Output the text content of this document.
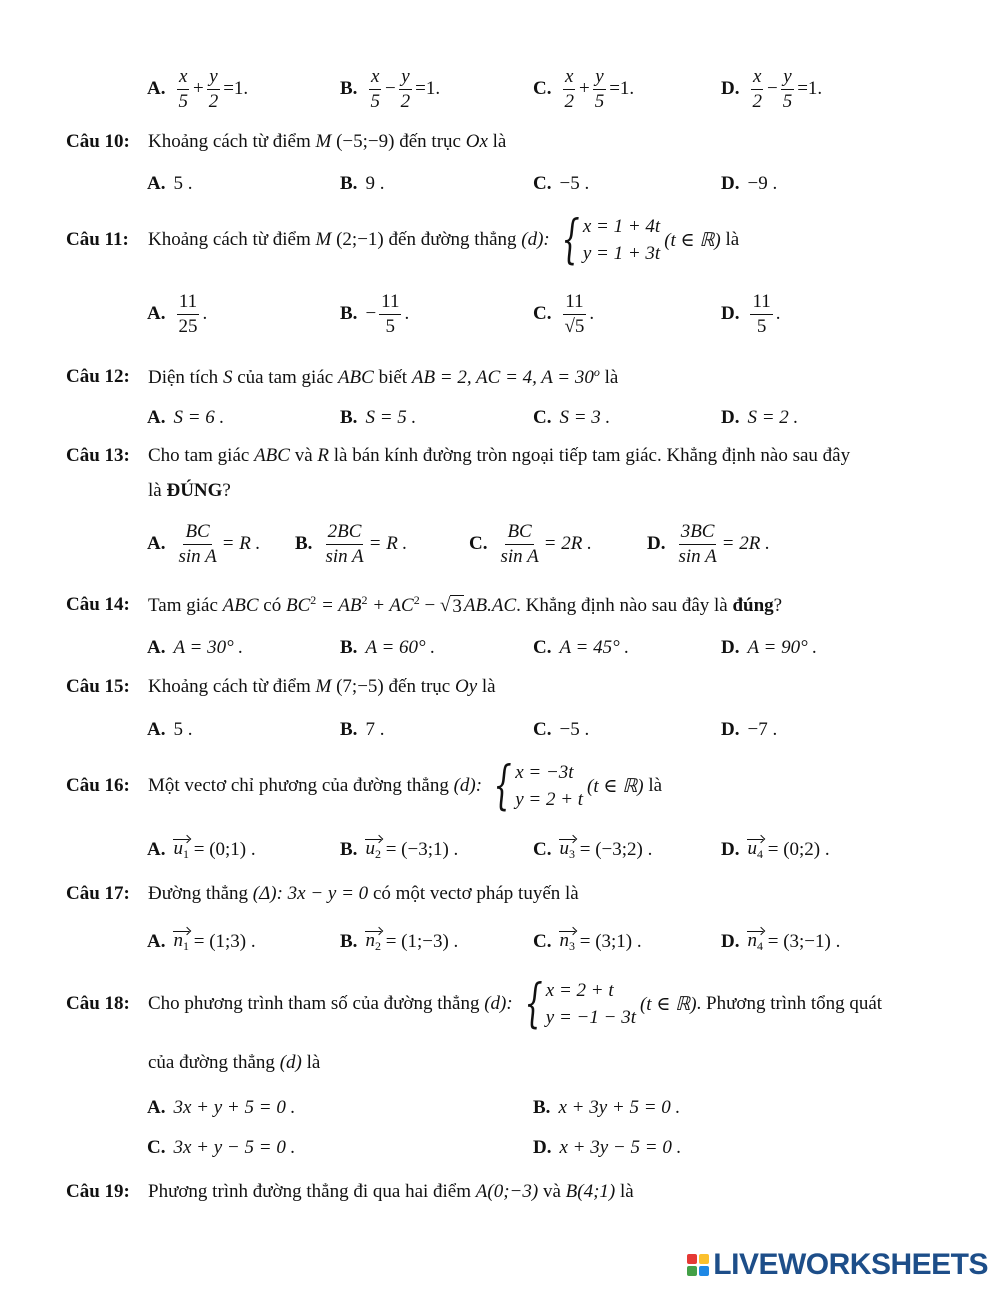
A. $\frac{x}{5} + \frac{y}{2} =1$.	B. $\frac{x}{5} - \frac{y}{2} =1$.	C. $\frac{x}{2} + \frac{y}{5} =1$.	D. $\frac{x}{2} - \frac{y}{5} =1$.
Câu 10: Khoảng cách từ điểm M (−5;−9) đến trục Ox là
A. 5 .	B. 9 .	C. −5 .	D. −9 .
Câu 11:	Khoảng cách từ điểm
M
(2;−1)
đến đường thẳng
(d): { x = 1 + 4t
y = 1 + 3t
(t ∈ ℝ)
là
A. $\frac{11}{25}$ .	B. − $\frac{11}{5}$ .	C. $\frac{11}{√5}$ .	D. $\frac{11}{5}$ .
Câu 12: Diện tích S của tam giác ABC biết AB = 2, AC = 4, $A = 30^o$ là
A. S = 6 .	B. S = 5 .	C. S = 3 .	D. S = 2 .
Câu 13: Cho tam giác ABC và R là bán kính đường tròn ngoại tiếp tam giác. Khẳng định nào sau đây
là ĐÚNG?
A. $\frac{BC}{\text{sin A}} = R$ . B. $\frac{2BC}{\text{sin A}} = R$ .	C. $\frac{BC}{\text{sin A}} = 2R$ .	D. $\frac{3BC}{\text{sin A}} = 2R$ .
Câu 14: Tam giác ABC có $BC^2 = AB^2 + AC^2$ − √ 3 AB.AC. Khẳng định nào sau đây là đúng?
A. A = 30° .	B. A = 60° .	C. A = 45° .	D. A = 90° .
Câu 15: Khoảng cách từ điểm M (7;−5) đến trục Oy là
A. 5 .	B. 7 .	C. −5 .	D. −7 .
Câu 16: Một vectơ chỉ phương của đường thẳng
(d): { x = −3t
y = 2 + t
(t ∈ ℝ)
là
A. $u_1$
= (0;1) .	B. $u_2$
= (−3;1) .	C. $u_3$
= (−3;2) .	D. $u_4$
= (0;2) .
Câu 17: Đường thẳng (Δ): 3x − y = 0 có một vectơ pháp tuyến là
A. $n_1$
= (1;3) .	B. $n_2$
= (1;−3) .	C. $n_3$
= (3;1) .	D. $n_4$
= (3;−1) .
Câu 18: Cho phương trình tham số của đường thẳng
(d): { x = 2 + t
y = −1 − 3t
(t ∈ ℝ) . Phương trình tổng quát
của đường thẳng (d) là
A. 3x + y + 5 = 0 .	B. x + 3y + 5 = 0 .
C. 3x + y − 5 = 0 .	D. x + 3y − 5 = 0 .
Câu 19: Phương trình đường thẳng đi qua hai điểm A(0;−3) và B(4;1) là
LIVEWORKSHEETS
